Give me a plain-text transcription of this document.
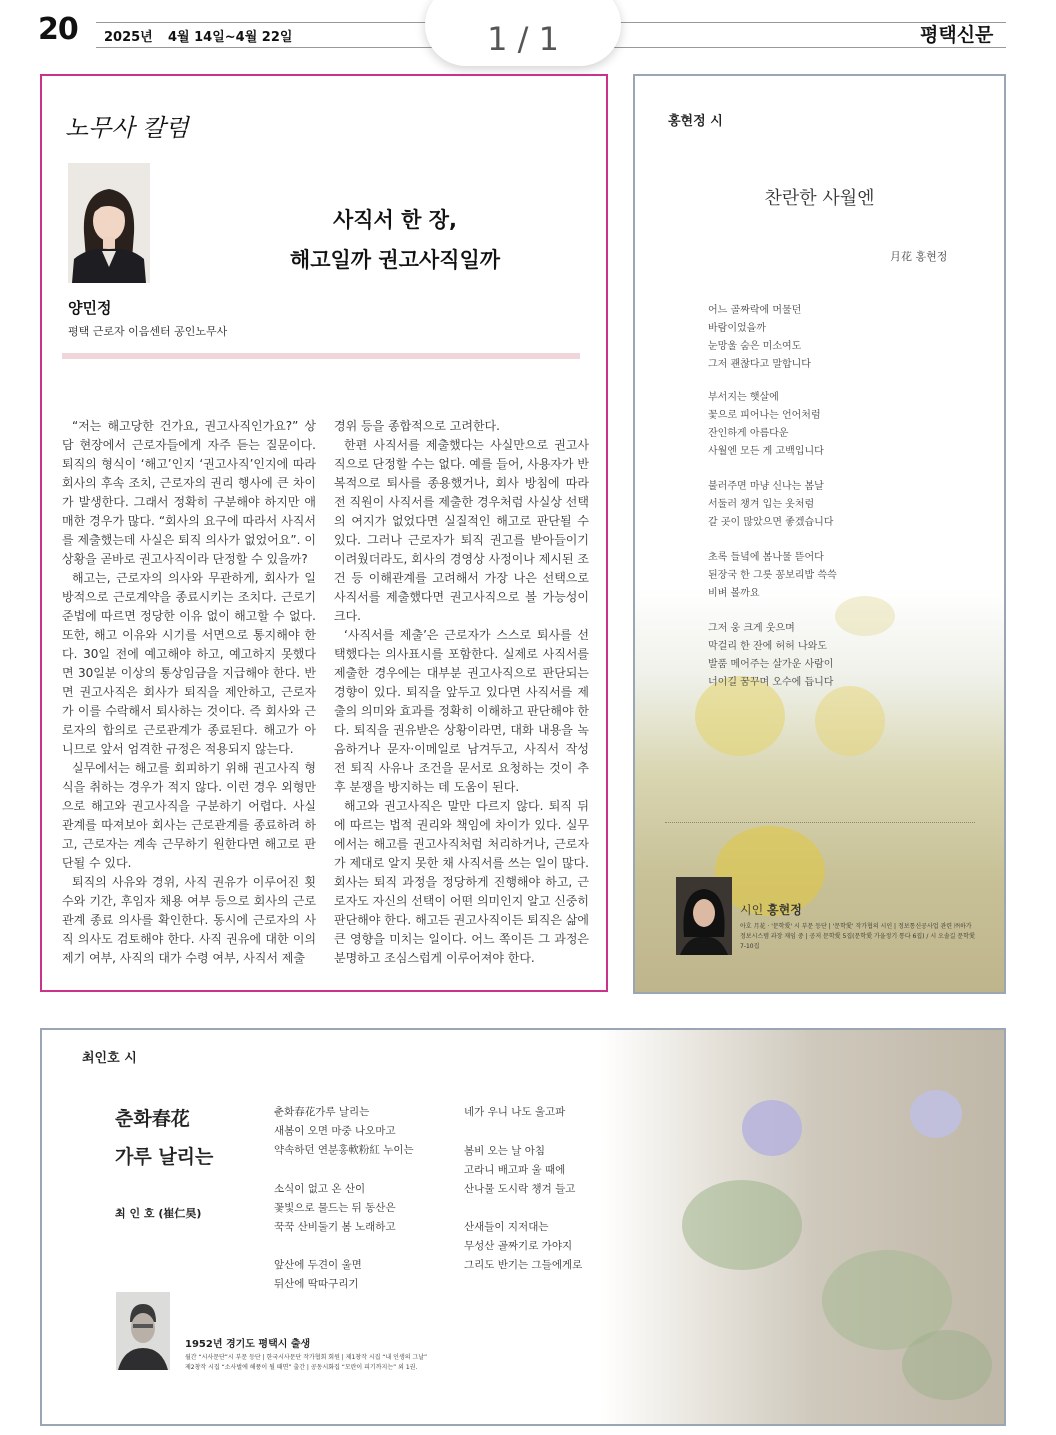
20 2025년 4월 14일~4월 22일	평택신문
1 / 1
노무사 칼럼
사직서 한 장,
해고일까 권고사직일까
양민정
평택 근로자 이음센터 공인노무사

“저는 해고당한 건가요, 권고사직인가요?” 상담 현장에서 근로자들에게 자주 듣는 질문이다. 퇴직의 형식이 ‘해고’인지 ‘권고사직’인지에 따라 회사의 후속 조치, 근로자의 권리 행사에 큰 차이가 발생한다. 그래서 정확히 구분해야 하지만 애매한 경우가 많다. “회사의 요구에 따라서 사직서를 제출했는데 사실은 퇴직 의사가 없었어요”. 이 상황을 곧바로 권고사직이라 단정할 수 있을까?

해고는, 근로자의 의사와 무관하게, 회사가 일방적으로 근로계약을 종료시키는 조치다. 근로기준법에 따르면 정당한 이유 없이 해고할 수 없다. 또한, 해고 이유와 시기를 서면으로 통지해야 한다. 30일 전에 예고해야 하고, 예고하지 못했다면 30일분 이상의 통상임금을 지급해야 한다. 반면 권고사직은 회사가 퇴직을 제안하고, 근로자가 이를 수락해서 퇴사하는 것이다. 즉 회사와 근로자의 합의로 근로관계가 종료된다. 해고가 아니므로 앞서 엄격한 규정은 적용되지 않는다.

실무에서는 해고를 회피하기 위해 권고사직 형식을 취하는 경우가 적지 않다. 이런 경우 외형만으로 해고와 권고사직을 구분하기 어렵다. 사실관계를 따져보아 회사는 근로관계를 종료하려 하고, 근로자는 계속 근무하기 원한다면 해고로 판단될 수 있다.

퇴직의 사유와 경위, 사직 권유가 이루어진 횟수와 기간, 후임자 채용 여부 등으로 회사의 근로관계 종료 의사를 확인한다. 동시에 근로자의 사직 의사도 검토해야 한다. 사직 권유에 대한 이의제기 여부, 사직의 대가 수령 여부, 사직서 제출

경위 등을 종합적으로 고려한다.

한편 사직서를 제출했다는 사실만으로 권고사직으로 단정할 수는 없다. 예를 들어, 사용자가 반복적으로 퇴사를 종용했거나, 회사 방침에 따라 전 직원이 사직서를 제출한 경우처럼 사실상 선택의 여지가 없었다면 실질적인 해고로 판단될 수 있다. 그러나 근로자가 퇴직 권고를 받아들이기 이려웠더라도, 회사의 경영상 사정이나 제시된 조건 등 이해관계를 고려해서 가장 나은 선택으로 사직서를 제출했다면 권고사직으로 볼 가능성이 크다.

‘사직서를 제출’은 근로자가 스스로 퇴사를 선택했다는 의사표시를 포함한다. 실제로 사직서를 제출한 경우에는 대부분 권고사직으로 판단되는 경향이 있다. 퇴직을 앞두고 있다면 사직서를 제출의 의미와 효과를 정확히 이해하고 판단해야 한다. 퇴직을 권유받은 상황이라면, 대화 내용을 녹음하거나 문자·이메일로 남겨두고, 사직서 작성 전 퇴직 사유나 조건을 문서로 요청하는 것이 추후 분쟁을 방지하는 데 도움이 된다.

해고와 권고사직은 말만 다르지 않다. 퇴직 뒤에 따르는 법적 권리와 책임에 차이가 있다. 실무에서는 해고를 권고사직처럼 처리하거나, 근로자가 제대로 알지 못한 채 사직서를 쓰는 일이 많다. 회사는 퇴직 과정을 정당하게 진행해야 하고, 근로자도 자신의 선택이 어떤 의미인지 알고 신중히 판단해야 한다. 해고든 권고사직이든 퇴직은 삶에 큰 영향을 미치는 일이다. 어느 쪽이든 그 과정은 분명하고 조심스럽게 이루어져야 한다.

홍현정 시
찬란한 사월엔
月花 홍현정
어느 골짜락에 머물던
바람이었을까
눈망울 숨은 미소여도
그저 괜찮다고 말합니다
부서지는 햇살에
꽃으로 피어나는 언어처럼
잔인하게 아름다운
사월엔 모든 게 고백입니다
불러주면 마냥 신나는 봄날
서둘러 챙겨 입는 옷처럼
갈 곳이 많았으면 좋겠습니다
초록 들녘에 봄나물 뜯어다
된장국 한 그릇 꽁보리밥 쓱쓱
비벼 볼까요
그저 웅 크게 웃으며
막걸리 한 잔에 허허 나와도
발품 메어주는 살가운 사람이
너이길 꿈꾸며 오수에 듭니다
시인 홍현정
아호 月花 · '문학愛' 시 부문 등단 | '문학愛' 작가협의 시인 | 정보통신공사업 관련 ㈜하가정보시스템 과장 재임 중 | 공저 문학愛 5집(문학愛 가을정기 통다 6집) / 시 오솔길 문학愛 7-10집
최인호 시
춘화春花
가루 날리는
최 인 호 (崔仁昊)
춘화春花가루 날리는
새봄이 오면 마중 나오마고
약속하던 연분홍軟粉紅 누이는
소식이 없고 온 산이
꽃빛으로 물드는 뒤 동산은
꾹꾹 산비둘기 봄 노래하고
앞산에 두견이 울면
뒤산에 딱따구리기
네가 우니 나도 울고파
봄비 오는 날 아침
고라니 배고파 울 때에
산나물 도시락 챙겨 들고
산새들이 지저대는
무성산 골짜기로 가야지
그리도 반기는 그들에게로
1952년 경기도 평택시 출생
월간 “시사문단”시 부문 등단 | 한국시사문단 작가협회 회원 | 제1창작 시집 “내 인생의 그날”
제2창작 시집 “소사벌에 해풍이 될 때면” 출간 | 공동시화집 “모란이 피기까지는” 외 1권.
